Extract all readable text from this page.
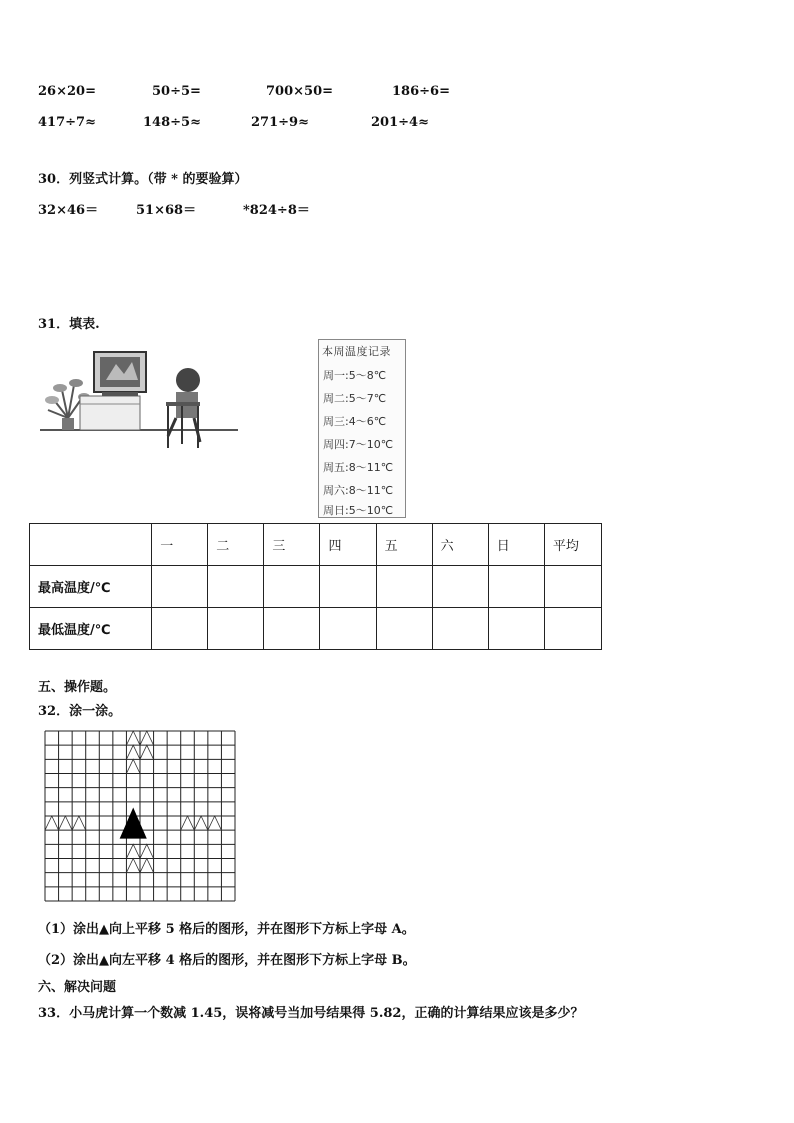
26×20=	50÷5=	700×50=	186÷6=
417÷7≈	148÷5≈	271÷9≈	201÷4≈
30．列竖式计算。（带 * 的要验算）
32×46＝	51×68＝	*824÷8＝
31．填表.
本周温度记录
周一:5～8℃
周二:5～7℃
周三:4～6℃
周四:7～10℃
周五:8～11℃
周六:8～11℃
周日:5～10℃
	一	二	三	四	五	六	日	平均
最高温度/℃								
最低温度/℃								
五、操作题。
32．涂一涂。
（1）涂出▲向上平移 5 格后的图形，并在图形下方标上字母 A。
（2）涂出▲向左平移 4 格后的图形，并在图形下方标上字母 B。
六、解决问题
33．小马虎计算一个数减 1.45，误将减号当加号结果得 5.82，正确的计算结果应该是多少？
